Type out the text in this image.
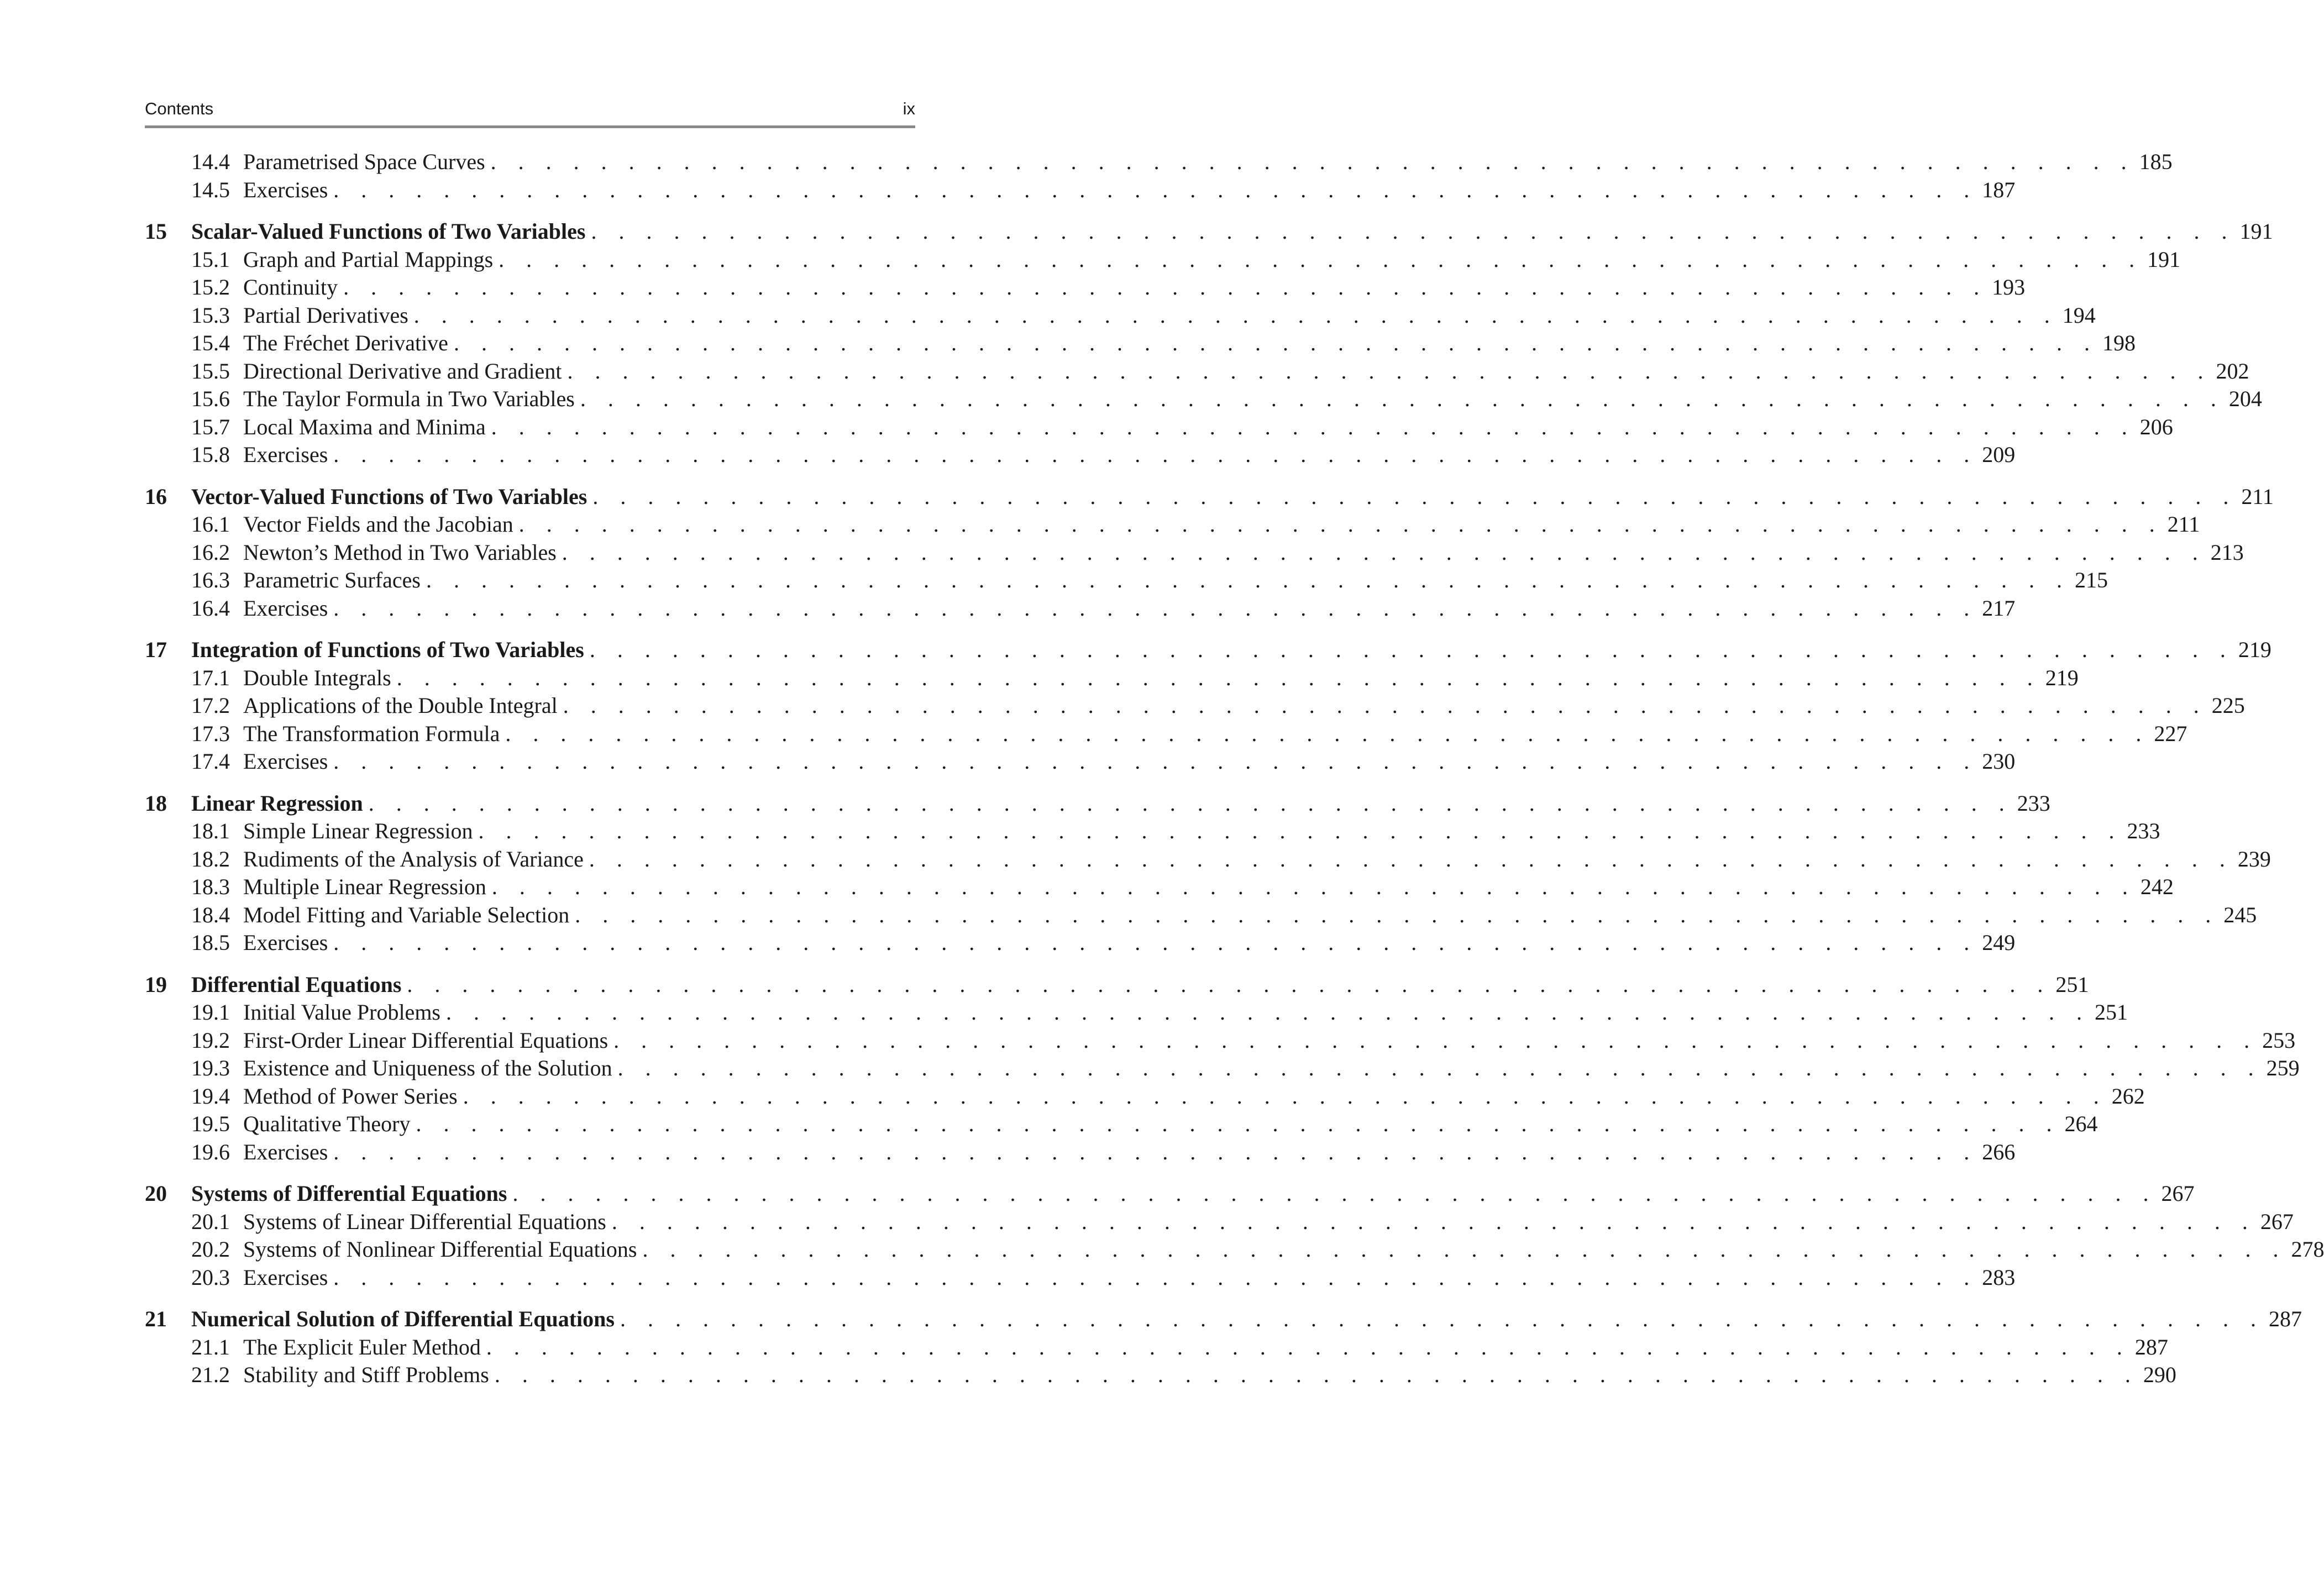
Contents	ix
14.4 Parametrised Space Curves . . . . . . . . . . . . . . . . . . . . . . . . . . . . . . . . . . . . . . . . . . . . . . . . . . . . . . . . . . . . 185
14.5 Exercises . . . . . . . . . . . . . . . . . . . . . . . . . . . . . . . . . . . . . . . . . . . . . . . . . . . . . . . . . . . . 187
15	Scalar-Valued Functions of Two Variables . . . . . . . . . . . . . . . . . . . . . . . . . . . . . . . . . . . . . . . . . . . . . . . . . . . . . . . . . . . . 191
15.1 Graph and Partial Mappings . . . . . . . . . . . . . . . . . . . . . . . . . . . . . . . . . . . . . . . . . . . . . . . . . . . . . . . . . . . . 191
15.2 Continuity . . . . . . . . . . . . . . . . . . . . . . . . . . . . . . . . . . . . . . . . . . . . . . . . . . . . . . . . . . . . 193
15.3 Partial Derivatives . . . . . . . . . . . . . . . . . . . . . . . . . . . . . . . . . . . . . . . . . . . . . . . . . . . . . . . . . . . . 194
15.4 The Fréchet Derivative . . . . . . . . . . . . . . . . . . . . . . . . . . . . . . . . . . . . . . . . . . . . . . . . . . . . . . . . . . . . 198
15.5 Directional Derivative and Gradient . . . . . . . . . . . . . . . . . . . . . . . . . . . . . . . . . . . . . . . . . . . . . . . . . . . . . . . . . . . . 202
15.6 The Taylor Formula in Two Variables . . . . . . . . . . . . . . . . . . . . . . . . . . . . . . . . . . . . . . . . . . . . . . . . . . . . . . . . . . . . 204
15.7 Local Maxima and Minima . . . . . . . . . . . . . . . . . . . . . . . . . . . . . . . . . . . . . . . . . . . . . . . . . . . . . . . . . . . . 206
15.8 Exercises . . . . . . . . . . . . . . . . . . . . . . . . . . . . . . . . . . . . . . . . . . . . . . . . . . . . . . . . . . . . 209
16	Vector-Valued Functions of Two Variables . . . . . . . . . . . . . . . . . . . . . . . . . . . . . . . . . . . . . . . . . . . . . . . . . . . . . . . . . . . . 211
16.1 Vector Fields and the Jacobian . . . . . . . . . . . . . . . . . . . . . . . . . . . . . . . . . . . . . . . . . . . . . . . . . . . . . . . . . . . . 211
16.2 Newton’s Method in Two Variables . . . . . . . . . . . . . . . . . . . . . . . . . . . . . . . . . . . . . . . . . . . . . . . . . . . . . . . . . . . . 213
16.3 Parametric Surfaces . . . . . . . . . . . . . . . . . . . . . . . . . . . . . . . . . . . . . . . . . . . . . . . . . . . . . . . . . . . . 215
16.4 Exercises . . . . . . . . . . . . . . . . . . . . . . . . . . . . . . . . . . . . . . . . . . . . . . . . . . . . . . . . . . . . 217
17	Integration of Functions of Two Variables . . . . . . . . . . . . . . . . . . . . . . . . . . . . . . . . . . . . . . . . . . . . . . . . . . . . . . . . . . . . 219
17.1 Double Integrals . . . . . . . . . . . . . . . . . . . . . . . . . . . . . . . . . . . . . . . . . . . . . . . . . . . . . . . . . . . . 219
17.2 Applications of the Double Integral . . . . . . . . . . . . . . . . . . . . . . . . . . . . . . . . . . . . . . . . . . . . . . . . . . . . . . . . . . . . 225
17.3 The Transformation Formula . . . . . . . . . . . . . . . . . . . . . . . . . . . . . . . . . . . . . . . . . . . . . . . . . . . . . . . . . . . . 227
17.4 Exercises . . . . . . . . . . . . . . . . . . . . . . . . . . . . . . . . . . . . . . . . . . . . . . . . . . . . . . . . . . . . 230
18	Linear Regression . . . . . . . . . . . . . . . . . . . . . . . . . . . . . . . . . . . . . . . . . . . . . . . . . . . . . . . . . . . . 233
18.1 Simple Linear Regression . . . . . . . . . . . . . . . . . . . . . . . . . . . . . . . . . . . . . . . . . . . . . . . . . . . . . . . . . . . . 233
18.2 Rudiments of the Analysis of Variance . . . . . . . . . . . . . . . . . . . . . . . . . . . . . . . . . . . . . . . . . . . . . . . . . . . . . . . . . . . . 239
18.3 Multiple Linear Regression . . . . . . . . . . . . . . . . . . . . . . . . . . . . . . . . . . . . . . . . . . . . . . . . . . . . . . . . . . . . 242
18.4 Model Fitting and Variable Selection . . . . . . . . . . . . . . . . . . . . . . . . . . . . . . . . . . . . . . . . . . . . . . . . . . . . . . . . . . . . 245
18.5 Exercises . . . . . . . . . . . . . . . . . . . . . . . . . . . . . . . . . . . . . . . . . . . . . . . . . . . . . . . . . . . . 249
19	Differential Equations . . . . . . . . . . . . . . . . . . . . . . . . . . . . . . . . . . . . . . . . . . . . . . . . . . . . . . . . . . . . 251
19.1 Initial Value Problems . . . . . . . . . . . . . . . . . . . . . . . . . . . . . . . . . . . . . . . . . . . . . . . . . . . . . . . . . . . . 251
19.2 First-Order Linear Differential Equations . . . . . . . . . . . . . . . . . . . . . . . . . . . . . . . . . . . . . . . . . . . . . . . . . . . . . . . . . . . . 253
19.3 Existence and Uniqueness of the Solution . . . . . . . . . . . . . . . . . . . . . . . . . . . . . . . . . . . . . . . . . . . . . . . . . . . . . . . . . . . . 259
19.4 Method of Power Series . . . . . . . . . . . . . . . . . . . . . . . . . . . . . . . . . . . . . . . . . . . . . . . . . . . . . . . . . . . . 262
19.5 Qualitative Theory . . . . . . . . . . . . . . . . . . . . . . . . . . . . . . . . . . . . . . . . . . . . . . . . . . . . . . . . . . . . 264
19.6 Exercises . . . . . . . . . . . . . . . . . . . . . . . . . . . . . . . . . . . . . . . . . . . . . . . . . . . . . . . . . . . . 266
20	Systems of Differential Equations . . . . . . . . . . . . . . . . . . . . . . . . . . . . . . . . . . . . . . . . . . . . . . . . . . . . . . . . . . . . 267
20.1 Systems of Linear Differential Equations . . . . . . . . . . . . . . . . . . . . . . . . . . . . . . . . . . . . . . . . . . . . . . . . . . . . . . . . . . . . 267
20.2 Systems of Nonlinear Differential Equations . . . . . . . . . . . . . . . . . . . . . . . . . . . . . . . . . . . . . . . . . . . . . . . . . . . . . . . . . . . . 278
20.3 Exercises . . . . . . . . . . . . . . . . . . . . . . . . . . . . . . . . . . . . . . . . . . . . . . . . . . . . . . . . . . . . 283
21	Numerical Solution of Differential Equations . . . . . . . . . . . . . . . . . . . . . . . . . . . . . . . . . . . . . . . . . . . . . . . . . . . . . . . . . . . . 287
21.1 The Explicit Euler Method . . . . . . . . . . . . . . . . . . . . . . . . . . . . . . . . . . . . . . . . . . . . . . . . . . . . . . . . . . . . 287
21.2 Stability and Stiff Problems . . . . . . . . . . . . . . . . . . . . . . . . . . . . . . . . . . . . . . . . . . . . . . . . . . . . . . . . . . . . 290
